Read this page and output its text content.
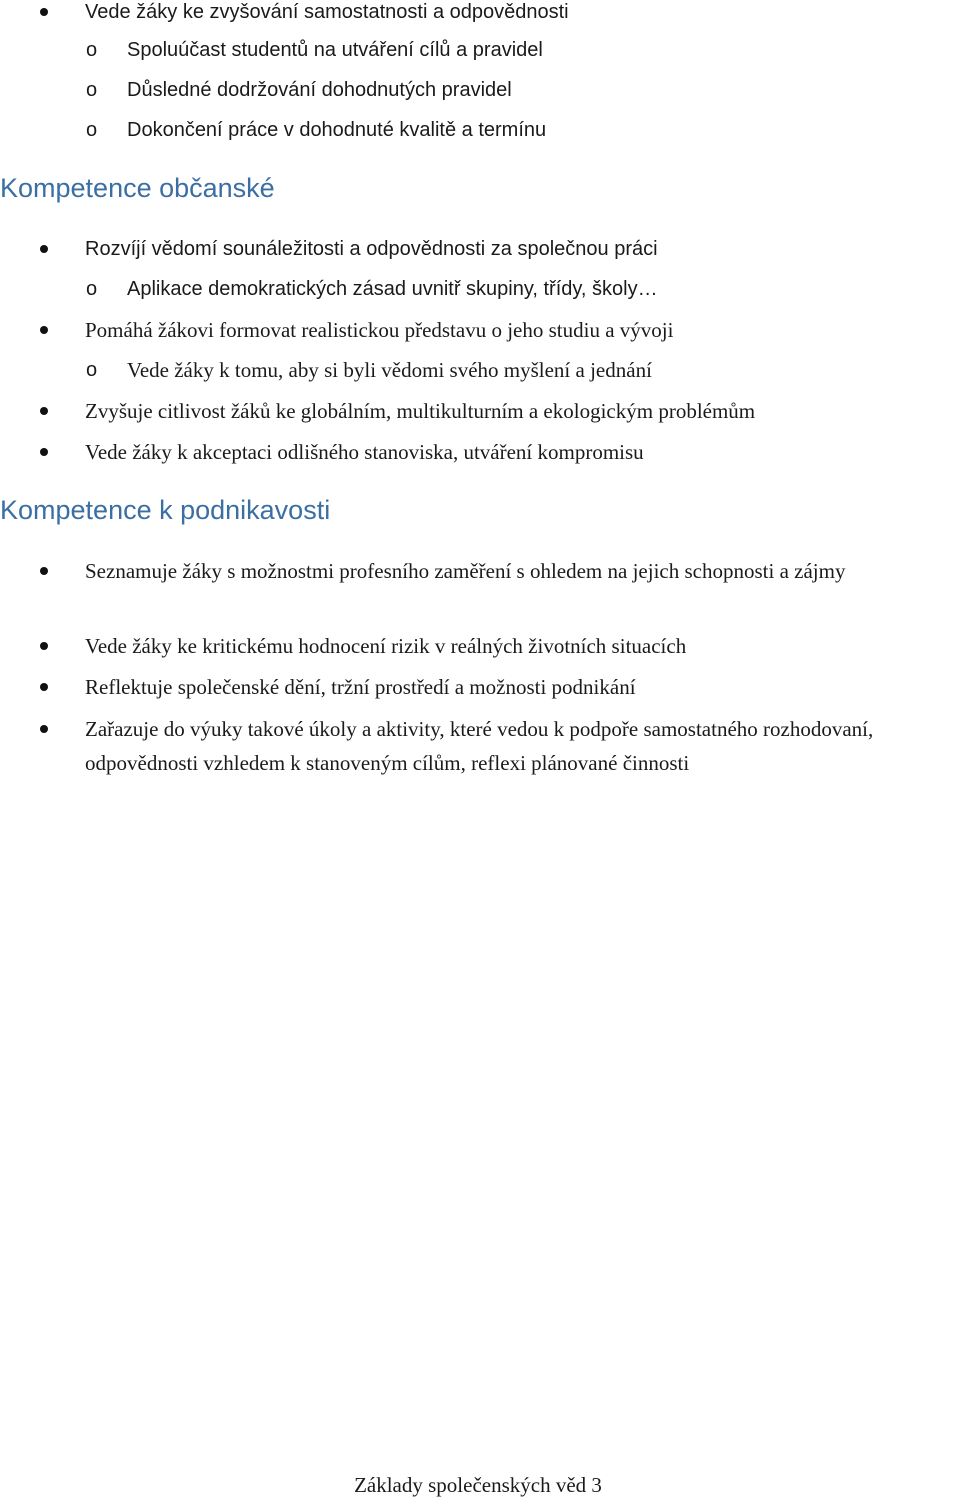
Vede žáky ke zvyšování samostatnosti a odpovědnosti
o Spoluúčast studentů na utváření cílů a pravidel
o Důsledné dodržování dohodnutých pravidel
o Dokončení práce v dohodnuté kvalitě a termínu
Kompetence občanské
Rozvíjí vědomí sounáležitosti a odpovědnosti za společnou práci
o Aplikace demokratických zásad uvnitř skupiny, třídy, školy…
Pomáhá žákovi formovat realistickou představu o jeho studiu a vývoji
o Vede žáky k tomu, aby si byli vědomi svého myšlení a jednání
Zvyšuje citlivost žáků ke globálním, multikulturním a ekologickým problémům
Vede žáky k akceptaci odlišného stanoviska, utváření kompromisu
Kompetence k podnikavosti
Seznamuje žáky s možnostmi profesního zaměření s ohledem na jejich schopnosti a zájmy
Vede žáky ke kritickému hodnocení rizik v reálných životních situacích
Reflektuje společenské dění, tržní prostředí a možnosti podnikání
Zařazuje do výuky takové úkoly a aktivity, které vedou k podpoře samostatného rozhodovaní, odpovědnosti vzhledem k stanoveným cílům, reflexi plánované činnosti
Základy společenských věd 3
